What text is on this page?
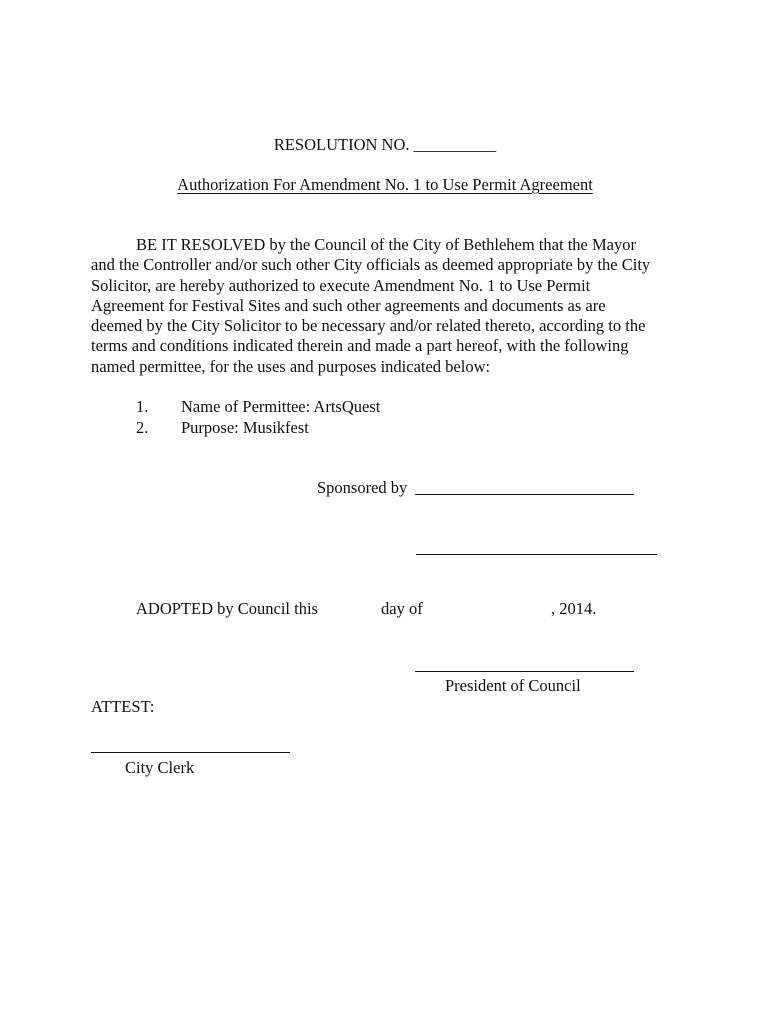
RESOLUTION NO. __________
Authorization For Amendment No. 1 to Use Permit Agreement
BE IT RESOLVED by the Council of the City of Bethlehem that the Mayor
and the Controller and/or such other City officials as deemed appropriate by the City
Solicitor, are hereby authorized to execute Amendment No. 1 to Use Permit
Agreement for Festival Sites and such other agreements and documents as are
deemed by the City Solicitor to be necessary and/or related thereto, according to the
terms and conditions indicated therein and made a part hereof, with the following
named permittee, for the uses and purposes indicated below:
1. Name of Permittee: ArtsQuest
2. Purpose: Musikfest
Sponsored by
ADOPTED by Council this	day of	, 2014.
President of Council
ATTEST:
City Clerk
